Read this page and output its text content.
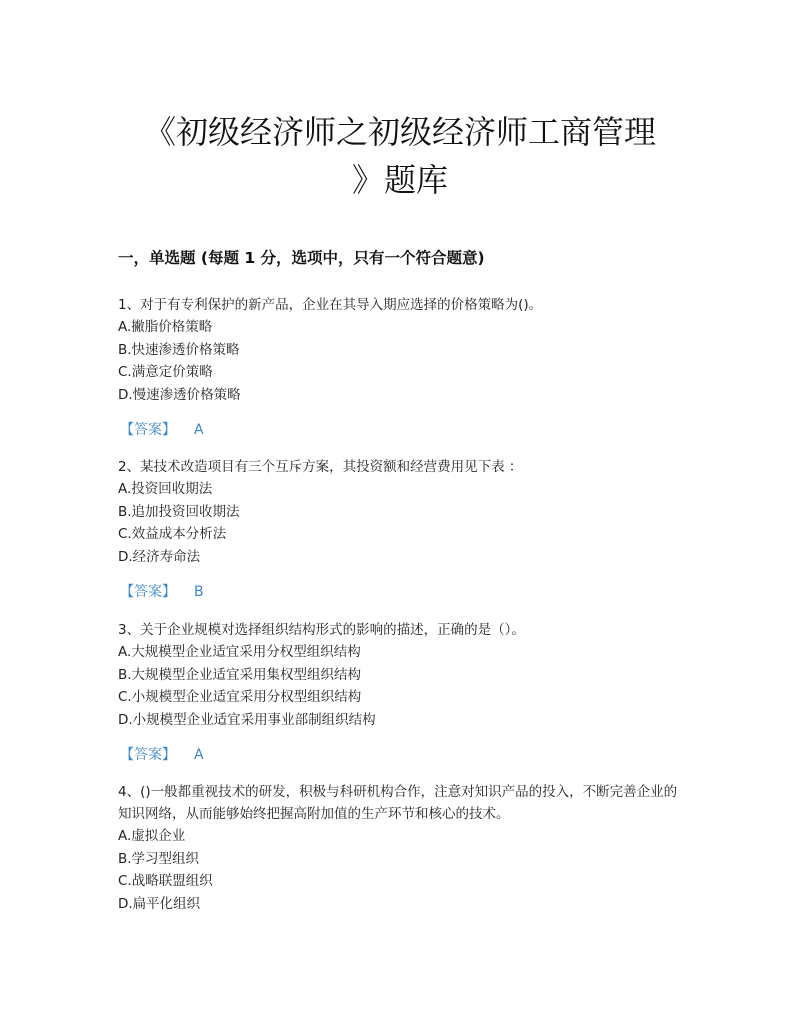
《初级经济师之初级经济师工商管理
》题库
一，单选题 (每题 1 分，选项中，只有一个符合题意)

1、对于有专利保护的新产品，企业在其导入期应选择的价格策略为()。

A.撇脂价格策略

B.快速渗透价格策略

C.满意定价策略

D.慢速渗透价格策略

【答案】 A

2、某技术改造项目有三个互斥方案，其投资额和经营费用见下表 ：

A.投资回收期法

B.追加投资回收期法

C.效益成本分析法

D.经济寿命法

【答案】 B

3、关于企业规模对选择组织结构形式的影响的描述，正确的是（）。

A.大规模型企业适宜采用分权型组织结构

B.大规模型企业适宜采用集权型组织结构

C.小规模型企业适宜采用分权型组织结构

D.小规模型企业适宜采用事业部制组织结构

【答案】 A

4、()一般都重视技术的研发，积极与科研机构合作，注意对知识产品的投入，不断完善企业的知识网络，从而能够始终把握高附加值的生产环节和核心的技术。

A.虚拟企业

B.学习型组织

C.战略联盟组织

D.扁平化组织
